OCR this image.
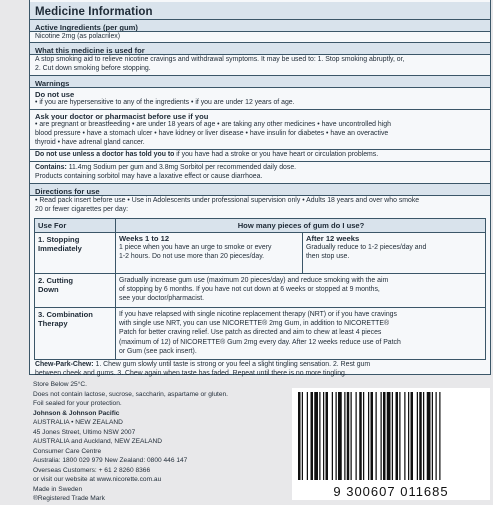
Medicine Information
Active Ingredients (per gum)
Nicotine 2mg (as polacrilex)
What this medicine is used for
A stop smoking aid to relieve nicotine cravings and withdrawal symptoms. It may be used to: 1. Stop smoking abruptly, or,
2. Cut down smoking before stopping.
Warnings
Do not use
• if you are hypersensitive to any of the ingredients • if you are under 12 years of age.
Ask your doctor or pharmacist before use if you
• are pregnant or breastfeeding • are under 18 years of age • are taking any other medicines • have uncontrolled high
blood pressure • have a stomach ulcer • have kidney or liver disease • have insulin for diabetes • have an overactive
thyroid • have adrenal gland cancer.
Do not use unless a doctor has told you to if you have had a stroke or you have heart or circulation problems.
Contains: 11.4mg Sodium per gum and 3.8mg Sorbitol per recommended daily dose.
Products containing sorbitol may have a laxative effect or cause diarrhoea.
Directions for use
• Read pack insert before use • Use in Adolescents under professional supervision only • Adults 18 years and over who smoke
20 or fewer cigarettes per day:
Use For	How many pieces of gum do I use?
1. Stopping
Immediately
Weeks 1 to 12
1 piece when you have an urge to smoke or every
1-2 hours. Do not use more than 20 pieces/day.
After 12 weeks
Gradually reduce to 1-2 pieces/day and
then stop use.
2. Cutting
Down
Gradually increase gum use (maximum 20 pieces/day) and reduce smoking with the aim
of stopping by 6 months. If you have not cut down at 6 weeks or stopped at 9 months,
see your doctor/pharmacist.
3. Combination
Therapy
If you have relapsed with single nicotine replacement therapy (NRT) or if you have cravings
with single use NRT, you can use NICORETTE® 2mg Gum, in addition to NICORETTE®
Patch for better craving relief. Use patch as directed and aim to chew at least 4 pieces
(maximum of 12) of NICORETTE® Gum 2mg every day. After 12 weeks reduce use of Patch
or Gum (see pack insert).
Chew-Park-Chew: 1. Chew gum slowly until taste is strong or you feel a slight tingling sensation. 2. Rest gum
between cheek and gums. 3. Chew again when taste has faded. Repeat until there is no more tingling.
Store Below 25°C.
Does not contain lactose, sucrose, saccharin, aspartame or gluten.
Foil sealed for your protection.
Johnson & Johnson Pacific
AUSTRALIA • NEW ZEALAND
45 Jones Street, Ultimo NSW 2007
AUSTRALIA and Auckland, NEW ZEALAND
Consumer Care Centre
Australia: 1800 029 979 New Zealand: 0800 446 147
Overseas Customers: + 61 2 8260 8366
or visit our website at www.nicorette.com.au
Made in Sweden
®Registered Trade Mark	9 300607 011685
